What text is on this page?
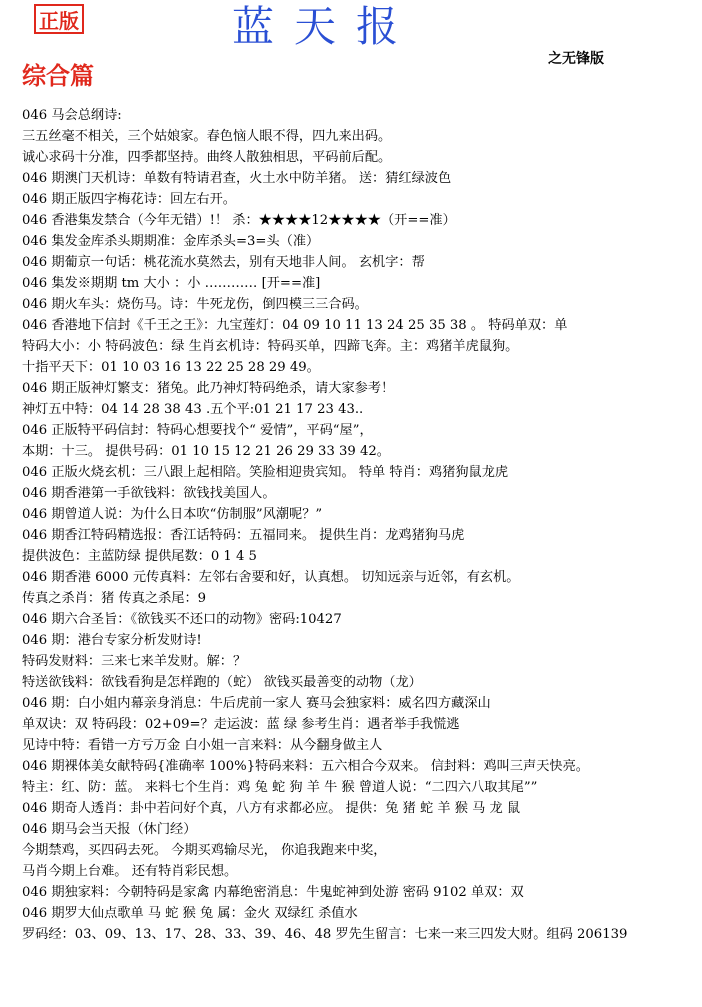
正版	蓝天报
之无锋版
综合篇
046 马会总纲诗:
三五丝毫不相关，三个姑娘家。春色恼人眼不得，四九来出码。
诚心求码十分准，四季都坚持。曲终人散独相思，平码前后配。
046 期澳门天机诗：单数有特请君查，火土水中防羊猪。 送：猜红绿波色
046 期正版四字梅花诗：回左右开。
046 香港集发禁合（今年无错）!！ 杀：★★★★12★★★★（开==准）
046 集发金库杀头期期准：金库杀头=3=头（准）
046 期葡京一句话：桃花流水莫然去，别有天地非人间。 玄机字：帮
046 集发※期期 tm 大小 ：小 ………… [开==准]
046 期火车头：烧伤马。诗：牛死龙伤，倒四模三三合码。
046 香港地下信封《千王之王》：九宝莲灯：04 09 10 11 13 24 25 35 38 。 特码单双：单
特码大小：小 特码波色：绿 生肖玄机诗：特码买单，四蹄飞奔。主：鸡猪羊虎鼠狗。
十指平天下：01 10 03 16 13 22 25 28 29 49。
046 期正版神灯繁支：猪兔。此乃神灯特码绝杀，请大家参考！
神灯五中特：04 14 28 38 43 .五个平:01 21 17 23 43..
046 正版特平码信封：特码心想要找个“ 爱情”，平码“屋”，
本期：十三。 提供号码：01 10 15 12 21 26 29 33 39 42。
046 正版火烧玄机：三八跟上起相陪。笑脸相迎贵宾知。 特单 特肖：鸡猪狗鼠龙虎
046 期香港第一手欲钱料：欲钱找美国人。
046 期曾道人说：为什么日本吹“仿制服”风潮呢？”
046 期香江特码精选报：香江话特码：五福同来。 提供生肖：龙鸡猪狗马虎
提供波色：主蓝防绿 提供尾数：0 1 4 5
046 期香港 6000 元传真料：左邻右舍要和好，认真想。 切知远亲与近邻，有玄机。
传真之杀肖：猪 传真之杀尾：9
046 期六合圣旨：《欲钱买不还口的动物》密码:10427
046 期：港台专家分析发财诗!
特码发财料：三来七来羊发财。解：？
特送欲钱料：欲钱看狗是怎样跑的（蛇） 欲钱买最善变的动物（龙）
046 期：白小姐内幕亲身消息：牛后虎前一家人 赛马会独家料：威名四方藏深山
单双诀：双 特码段：02+09=？走运波：蓝 绿 参考生肖：遇者举手我慌逃
见诗中特：看错一方亏万金 白小姐一言来料：从今翻身做主人
046 期裸体美女献特码{准确率 100%}特码来料：五六相合今双来。 信封料：鸡叫三声天快亮。
特主：红、防：蓝。 来料七个生肖：鸡 兔 蛇 狗 羊 牛 猴 曾道人说：“二四六八取其尾””
046 期奇人透肖：卦中若问好个真，八方有求都必应。 提供：兔 猪 蛇 羊 猴 马 龙 鼠
046 期马会当天报（休门经）
今期禁鸡，买四码去死。 今期买鸡输尽光， 你追我跑来中奖，
马肖今期上台难。 还有特肖彩民想。
046 期独家料：今朝特码是家禽 内幕绝密消息：牛鬼蛇神到处游 密码 9102 单双：双
046 期罗大仙点歌单 马 蛇 猴 兔 属：金火 双绿红 杀值水
罗码经：03、09、13、17、28、33、39、46、48 罗先生留言：七来一来三四发大财。组码 206139
